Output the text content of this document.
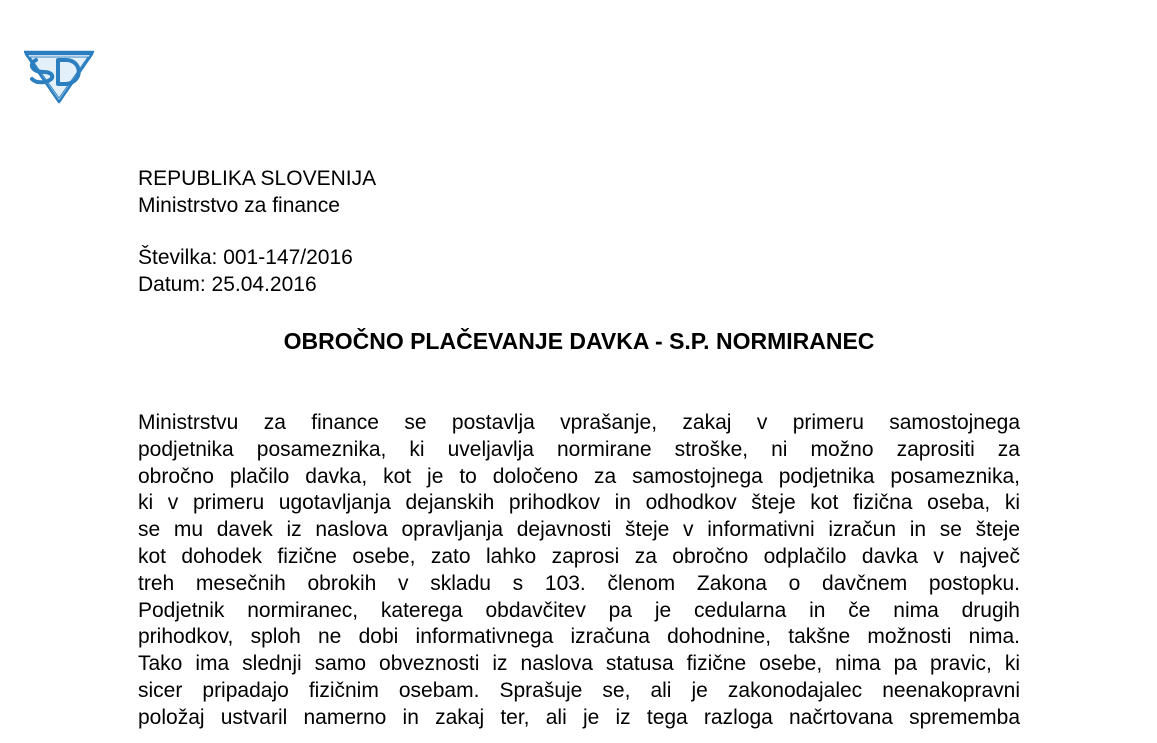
REPUBLIKA SLOVENIJA
Ministrstvo za finance
Številka: 001-147/2016
Datum: 25.04.2016
OBROČNO PLAČEVANJE DAVKA - S.P. NORMIRANEC
Ministrstvu za finance se postavlja vprašanje, zakaj v primeru samostojnega
podjetnika posameznika, ki uveljavlja normirane stroške, ni možno zaprositi za
obročno plačilo davka, kot je to določeno za samostojnega podjetnika posameznika,
ki v primeru ugotavljanja dejanskih prihodkov in odhodkov šteje kot fizična oseba, ki
se mu davek iz naslova opravljanja dejavnosti šteje v informativni izračun in se šteje
kot dohodek fizične osebe, zato lahko zaprosi za obročno odplačilo davka v največ
treh mesečnih obrokih v skladu s 103. členom Zakona o davčnem postopku.
Podjetnik normiranec, katerega obdavčitev pa je cedularna in če nima drugih
prihodkov, sploh ne dobi informativnega izračuna dohodnine, takšne možnosti nima.
Tako ima slednji samo obveznosti iz naslova statusa fizične osebe, nima pa pravic, ki
sicer pripadajo fizičnim osebam. Sprašuje se, ali je zakonodajalec neenakopravni
položaj ustvaril namerno in zakaj ter, ali je iz tega razloga načrtovana sprememba
